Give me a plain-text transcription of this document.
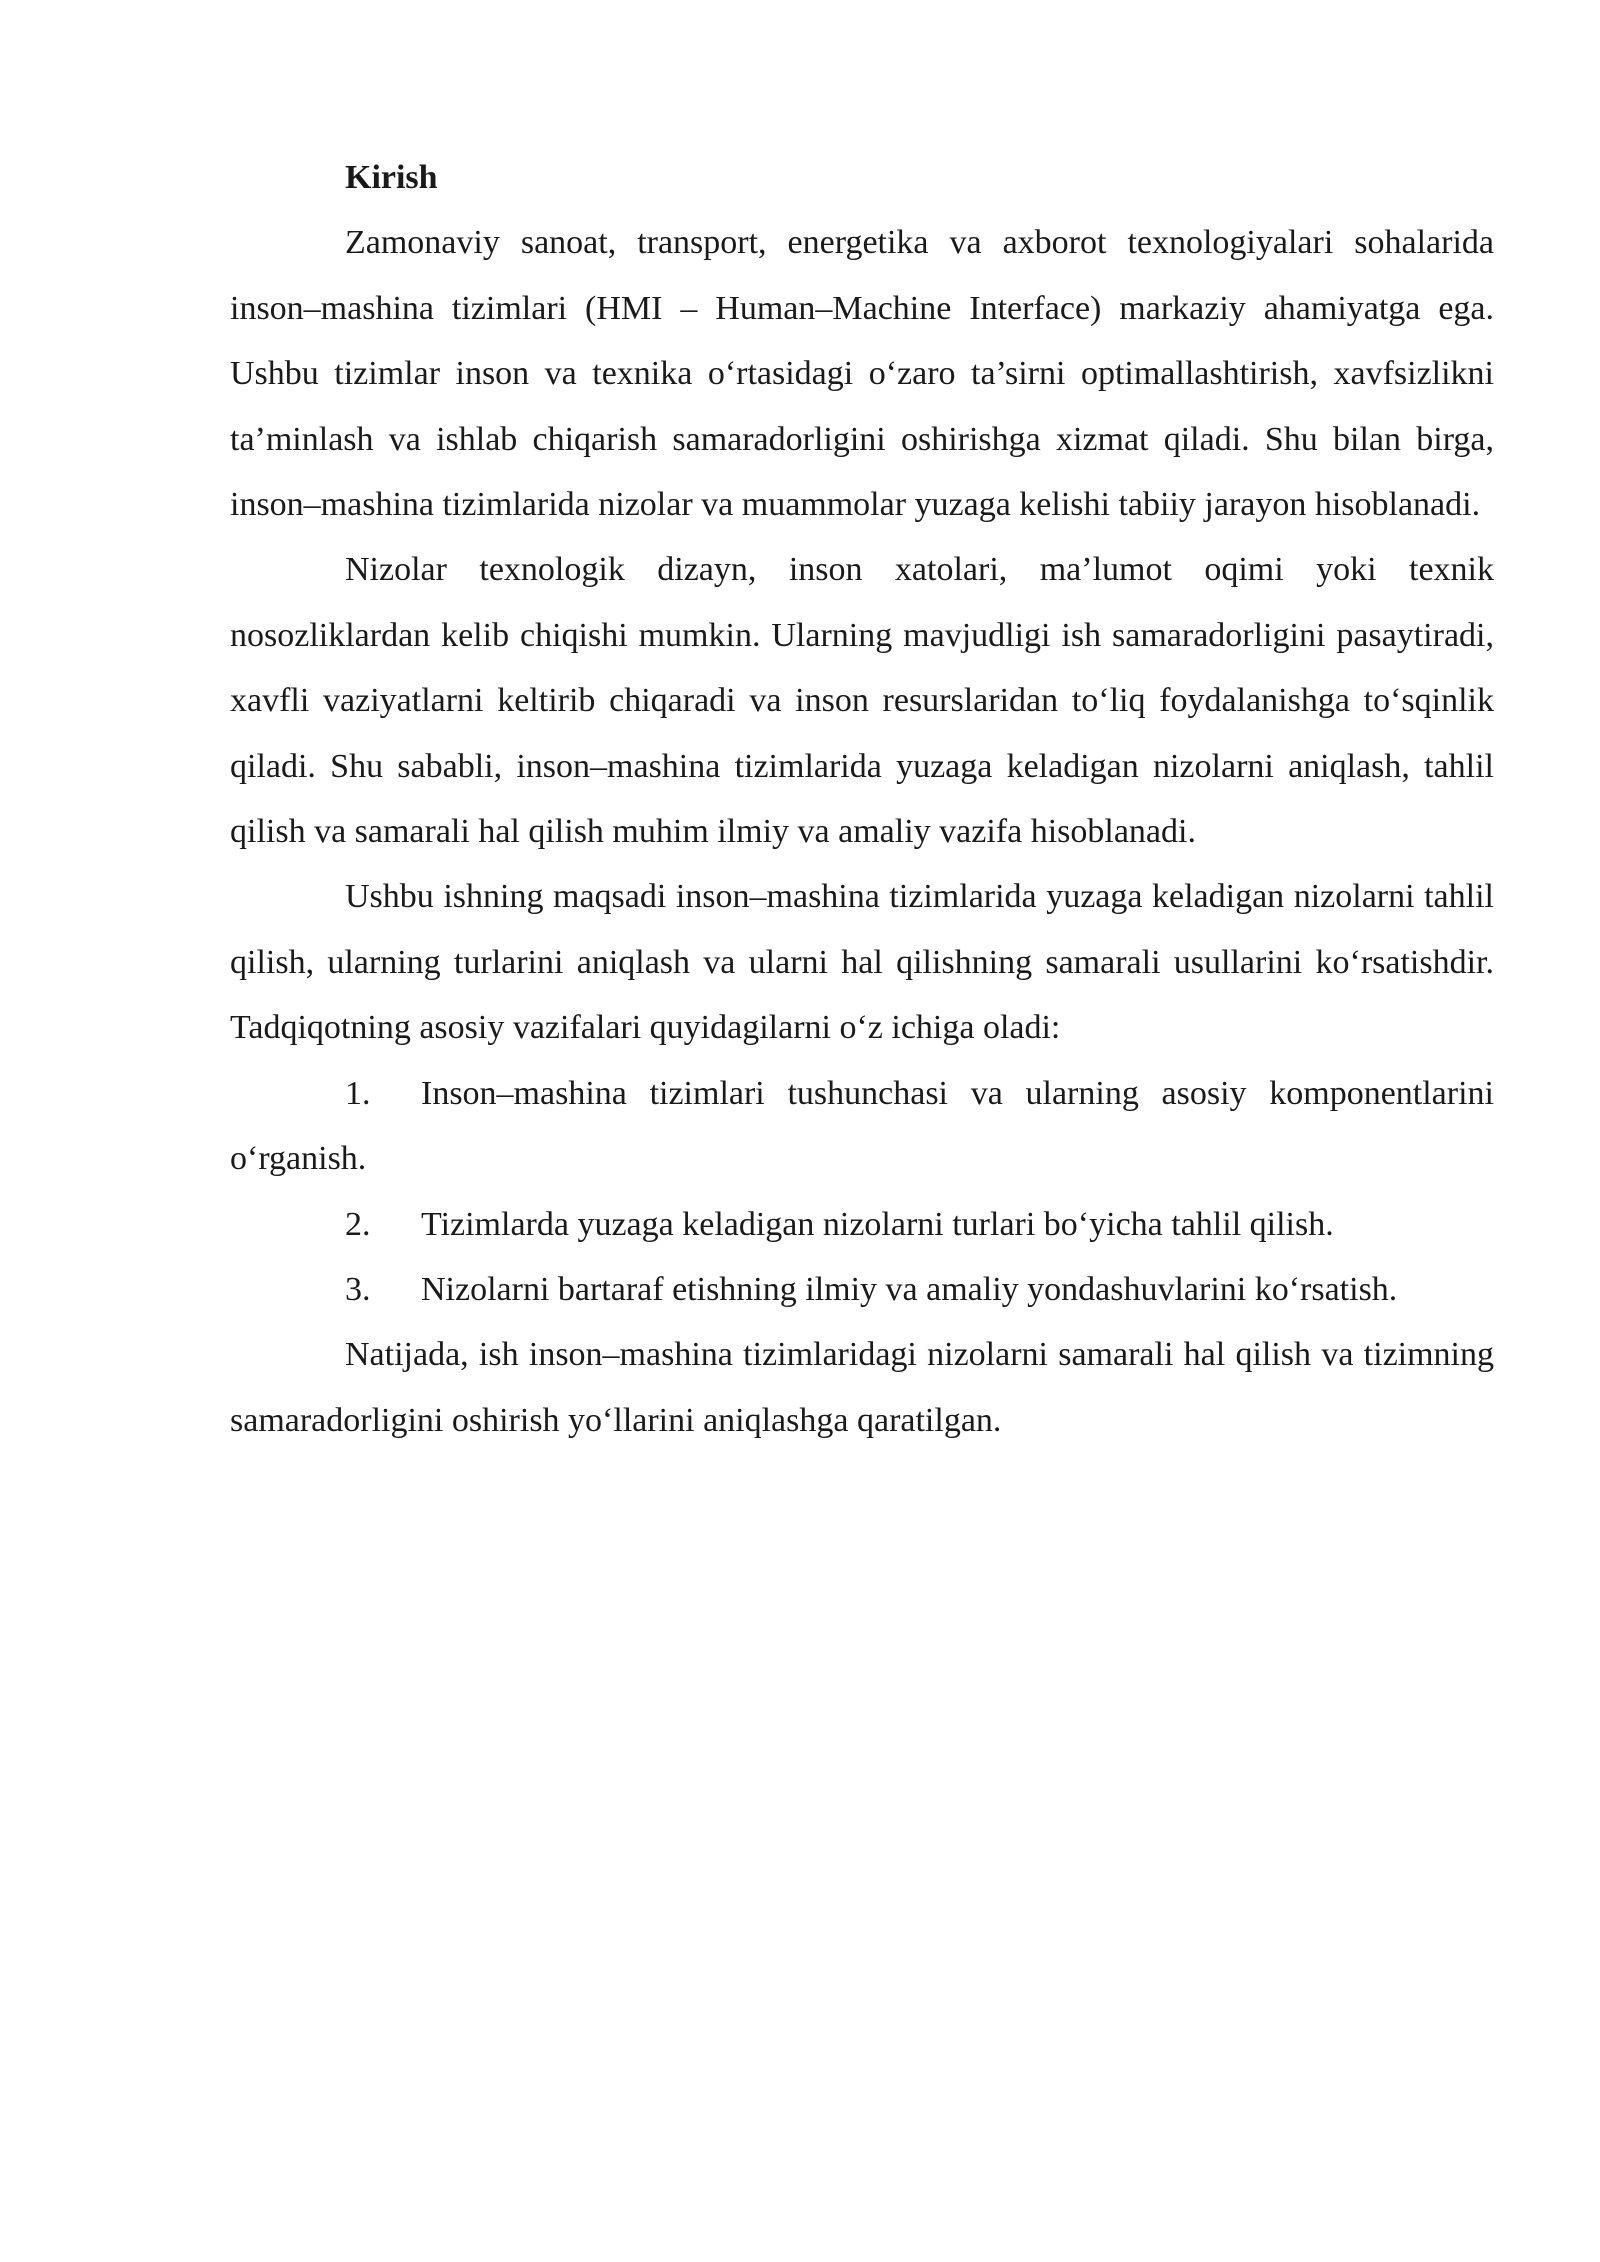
Kirish

Zamonaviy sanoat, transport, energetika va axborot texnologiyalari sohalarida inson–mashina tizimlari (HMI – Human–Machine Interface) markaziy ahamiyatga ega. Ushbu tizimlar inson va texnika o‘rtasidagi o‘zaro ta’sirni optimallashtirish, xavfsizlikni ta’minlash va ishlab chiqarish samaradorligini oshirishga xizmat qiladi. Shu bilan birga, inson–mashina tizimlarida nizolar va muammolar yuzaga kelishi tabiiy jarayon hisoblanadi.

Nizolar texnologik dizayn, inson xatolari, ma’lumot oqimi yoki texnik nosozliklardan kelib chiqishi mumkin. Ularning mavjudligi ish samaradorligini pasaytiradi, xavfli vaziyatlarni keltirib chiqaradi va inson resurslaridan to‘liq foydalanishga to‘sqinlik qiladi. Shu sababli, inson–mashina tizimlarida yuzaga keladigan nizolarni aniqlash, tahlil qilish va samarali hal qilish muhim ilmiy va amaliy vazifa hisoblanadi.

Ushbu ishning maqsadi inson–mashina tizimlarida yuzaga keladigan nizolarni tahlil qilish, ularning turlarini aniqlash va ularni hal qilishning samarali usullarini ko‘rsatishdir. Tadqiqotning asosiy vazifalari quyidagilarni o‘z ichiga oladi:

1. Inson–mashina tizimlari tushunchasi va ularning asosiy komponentlarini o‘rganish.

2. Tizimlarda yuzaga keladigan nizolarni turlari bo‘yicha tahlil qilish.

3. Nizolarni bartaraf etishning ilmiy va amaliy yondashuvlarini ko‘rsatish.

Natijada, ish inson–mashina tizimlaridagi nizolarni samarali hal qilish va tizimning samaradorligini oshirish yo‘llarini aniqlashga qaratilgan.
